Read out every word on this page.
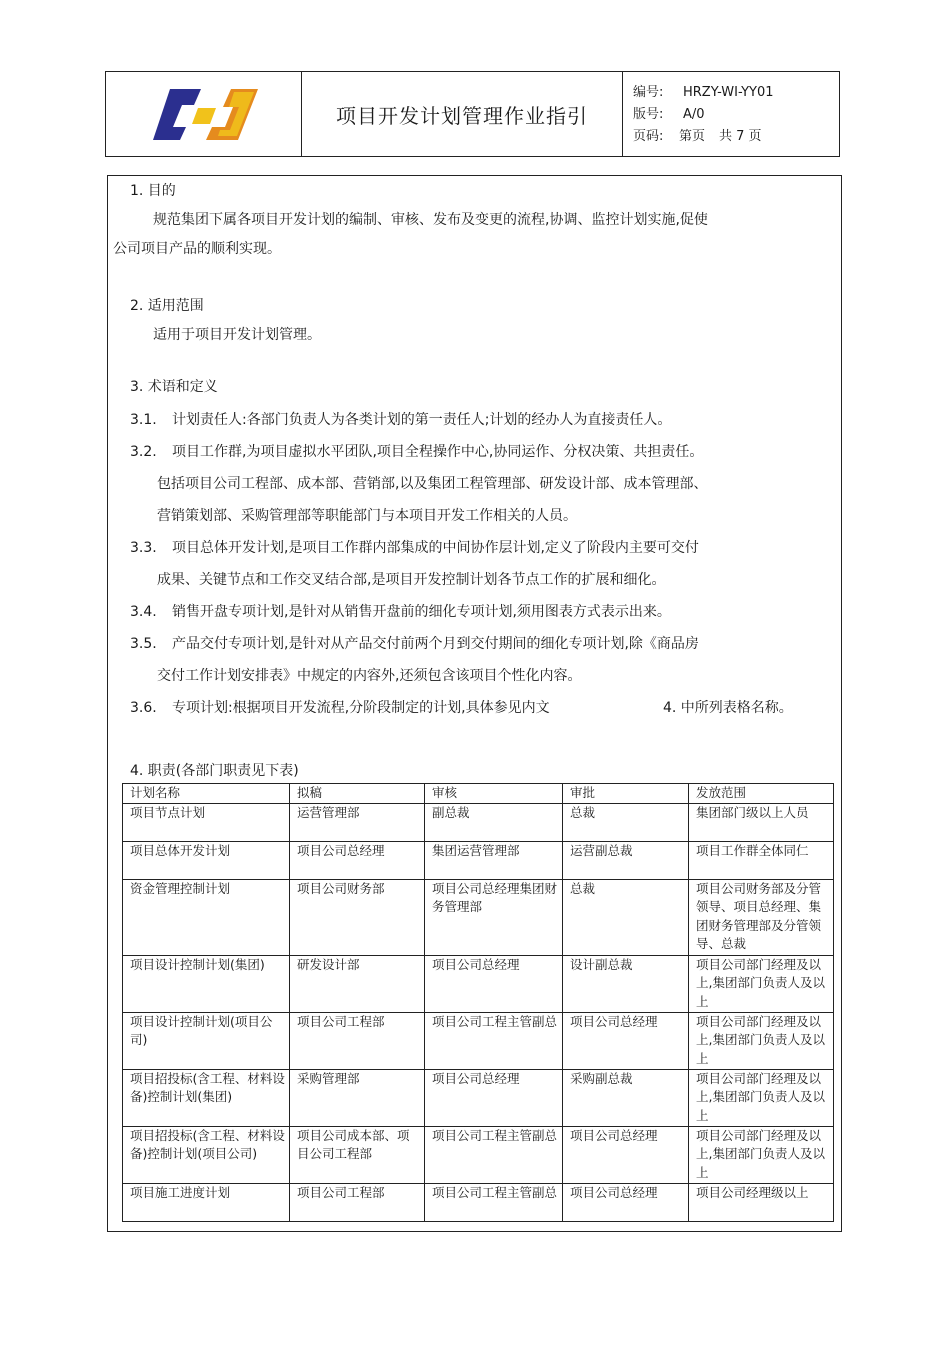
项目开发计划管理作业指引
编号:	HRZY-WI-YY01
版号:	A/0
页码:	第页 共 7 页
1. 目的
规范集团下属各项目开发计划的编制、审核、发布及变更的流程,协调、监控计划实施,促使
公司项目产品的顺利实现。
2. 适用范围
适用于项目开发计划管理。
3. 术语和定义
3.1. 计划责任人:各部门负责人为各类计划的第一责任人;计划的经办人为直接责任人。
3.2. 项目工作群,为项目虚拟水平团队,项目全程操作中心,协同运作、分权决策、共担责任。
包括项目公司工程部、成本部、营销部,以及集团工程管理部、研发设计部、成本管理部、
营销策划部、采购管理部等职能部门与本项目开发工作相关的人员。
3.3. 项目总体开发计划,是项目工作群内部集成的中间协作层计划,定义了阶段内主要可交付
成果、关键节点和工作交叉结合部,是项目开发控制计划各节点工作的扩展和细化。
3.4. 销售开盘专项计划,是针对从销售开盘前的细化专项计划,须用图表方式表示出来。
3.5. 产品交付专项计划,是针对从产品交付前两个月到交付期间的细化专项计划,除《商品房
交付工作计划安排表》中规定的内容外,还须包含该项目个性化内容。
3.6. 专项计划:根据项目开发流程,分阶段制定的计划,具体参见内文	4. 中所列表格名称。
4. 职责(各部门职责见下表)
计划名称	拟稿	审核	审批	发放范围
项目节点计划	运营管理部	副总裁	总裁	集团部门级以上人员
项目总体开发计划	项目公司总经理	集团运营管理部	运营副总裁	项目工作群全体同仁
资金管理控制计划	项目公司财务部	项目公司总经理集团财务管理部	总裁	项目公司财务部及分管领导、项目总经理、集团财务管理部及分管领导、总裁
项目设计控制计划(集团)	研发设计部	项目公司总经理	设计副总裁	项目公司部门经理及以上,集团部门负责人及以上
项目设计控制计划(项目公司)	项目公司工程部	项目公司工程主管副总	项目公司总经理	项目公司部门经理及以上,集团部门负责人及以上
项目招投标(含工程、材料设备)控制计划(集团)	采购管理部	项目公司总经理	采购副总裁	项目公司部门经理及以上,集团部门负责人及以上
项目招投标(含工程、材料设备)控制计划(项目公司)	项目公司成本部、项目公司工程部	项目公司工程主管副总	项目公司总经理	项目公司部门经理及以上,集团部门负责人及以上
项目施工进度计划	项目公司工程部	项目公司工程主管副总	项目公司总经理	项目公司经理级以上
